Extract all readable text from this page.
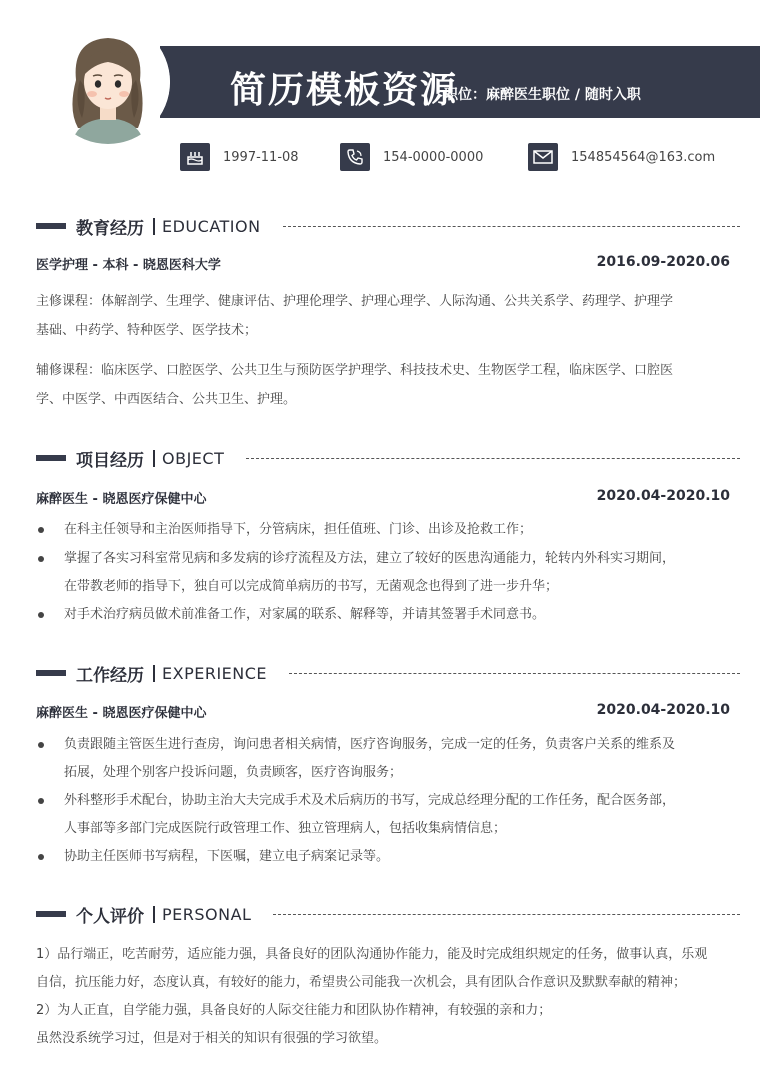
简历模板资源
职位：麻醉医生职位 / 随时入职
1997-11-08	154-0000-0000	154854564@163.com
教育经历 EDUCATION
医学护理 - 本科 - 晓恩医科大学	2016.09-2020.06
主修课程：体解剖学、生理学、健康评估、护理伦理学、护理心理学、人际沟通、公共关系学、药理学、护理学
基础、中药学、特种医学、医学技术；
辅修课程：临床医学、口腔医学、公共卫生与预防医学护理学、科技技术史、生物医学工程，临床医学、口腔医
学、中医学、中西医结合、公共卫生、护理。
项目经历 OBJECT
麻醉医生 - 晓恩医疗保健中心	2020.04-2020.10
在科主任领导和主治医师指导下，分管病床，担任值班、门诊、出诊及抢救工作；
掌握了各实习科室常见病和多发病的诊疗流程及方法，建立了较好的医患沟通能力，轮转内外科实习期间，
在带教老师的指导下，独自可以完成简单病历的书写，无菌观念也得到了进一步升华；
对手术治疗病员做术前准备工作，对家属的联系、解释等，并请其签署手术同意书。
工作经历 EXPERIENCE
麻醉医生 - 晓恩医疗保健中心	2020.04-2020.10
负责跟随主管医生进行查房，询问患者相关病情，医疗咨询服务，完成一定的任务，负责客户关系的维系及
拓展，处理个别客户投诉问题，负责顾客，医疗咨询服务；
外科整形手术配台，协助主治大夫完成手术及术后病历的书写，完成总经理分配的工作任务，配合医务部，
人事部等多部门完成医院行政管理工作、独立管理病人，包括收集病情信息；
协助主任医师书写病程，下医嘱，建立电子病案记录等。
个人评价 PERSONAL
1）品行端正，吃苦耐劳，适应能力强，具备良好的团队沟通协作能力，能及时完成组织规定的任务，做事认真，乐观
自信，抗压能力好，态度认真，有较好的能力，希望贵公司能我一次机会，具有团队合作意识及默默奉献的精神；
2）为人正直，自学能力强，具备良好的人际交往能力和团队协作精神，有较强的亲和力；
虽然没系统学习过，但是对于相关的知识有很强的学习欲望。
